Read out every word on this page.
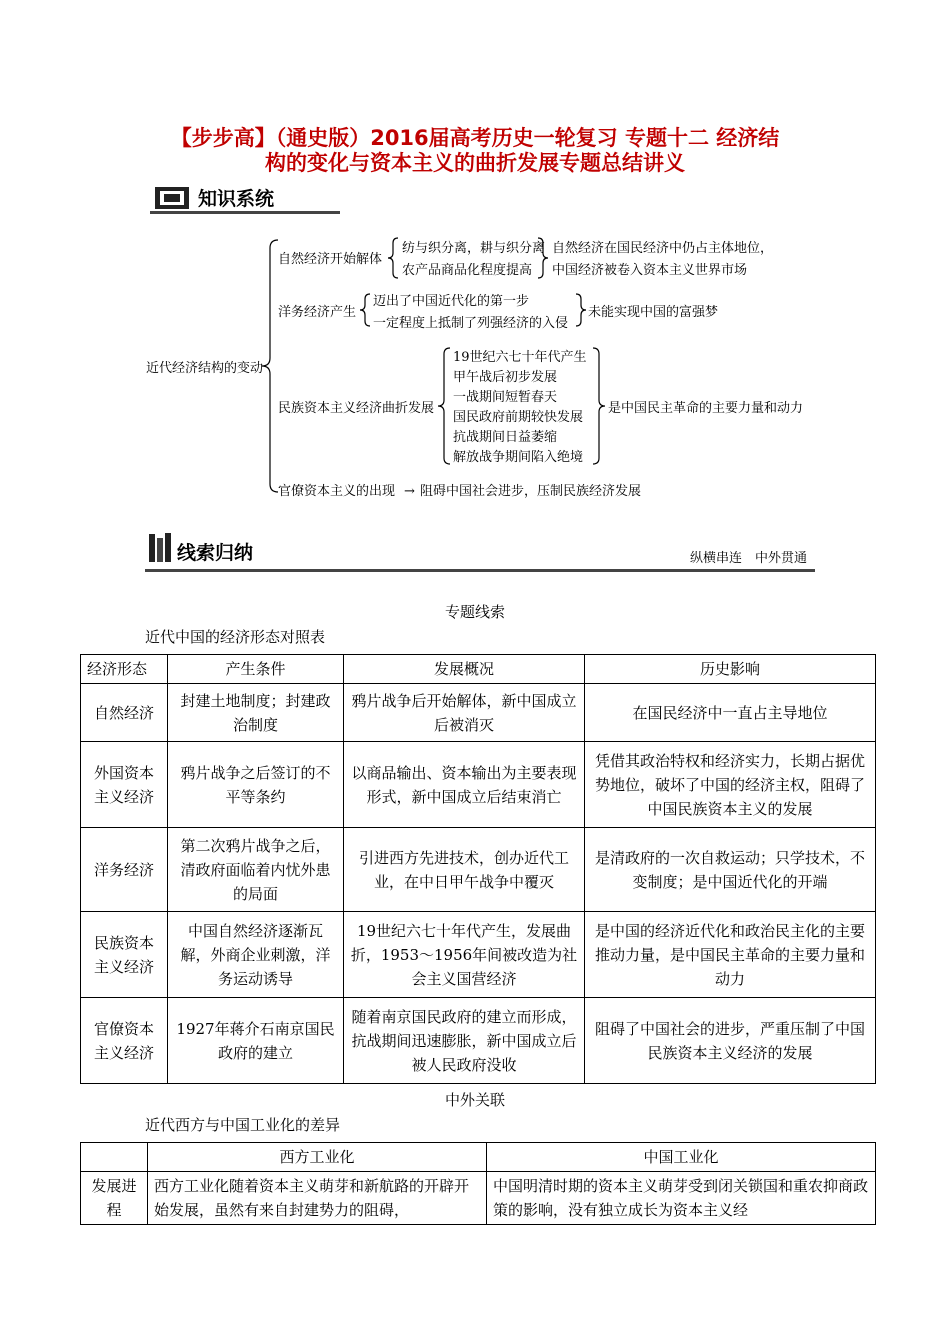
【步步高】（通史版）2016届高考历史一轮复习 专题十二 经济结
构的变化与资本主义的曲折发展专题总结讲义
知识系统
近代经济结构的变动
自然经济开始解体
纺与织分离，耕与织分离
农产品商品化程度提高
自然经济在国民经济中仍占主体地位，
中国经济被卷入资本主义世界市场
洋务经济产生
迈出了中国近代化的第一步
一定程度上抵制了列强经济的入侵
未能实现中国的富强梦
民族资本主义经济曲折发展
19世纪六七十年代产生
甲午战后初步发展
一战期间短暂春天
国民政府前期较快发展
抗战期间日益萎缩
解放战争期间陷入绝境
是中国民主革命的主要力量和动力
官僚资本主义的出现 → 阻碍中国社会进步，压制民族经济发展
线索归纳	纵横串连　中外贯通
专题线索
近代中国的经济形态对照表
经济形态	产生条件	发展概况	历史影响
自然经济	封建土地制度；封建政治制度	鸦片战争后开始解体，新中国成立后被消灭	在国民经济中一直占主导地位
外国资本主义经济	鸦片战争之后签订的不平等条约	以商品输出、资本输出为主要表现形式，新中国成立后结束消亡	凭借其政治特权和经济实力，长期占据优势地位，破坏了中国的经济主权，阻碍了中国民族资本主义的发展
洋务经济	第二次鸦片战争之后，清政府面临着内忧外患的局面	引进西方先进技术，创办近代工业，在中日甲午战争中覆灭	是清政府的一次自救运动；只学技术，不变制度；是中国近代化的开端
民族资本主义经济	中国自然经济逐渐瓦解，外商企业刺激，洋务运动诱导	19世纪六七十年代产生，发展曲折，1953～1956年间被改造为社会主义国营经济	是中国的经济近代化和政治民主化的主要推动力量，是中国民主革命的主要力量和动力
官僚资本主义经济	1927年蒋介石南京国民政府的建立	随着南京国民政府的建立而形成，抗战期间迅速膨胀，新中国成立后被人民政府没收	阻碍了中国社会的进步，严重压制了中国民族资本主义经济的发展
中外关联
近代西方与中国工业化的差异
	西方工业化	中国工业化
发展进程	西方工业化随着资本主义萌芽和新航路的开辟开始发展，虽然有来自封建势力的阻碍，	中国明清时期的资本主义萌芽受到闭关锁国和重农抑商政策的影响，没有独立成长为资本主义经
